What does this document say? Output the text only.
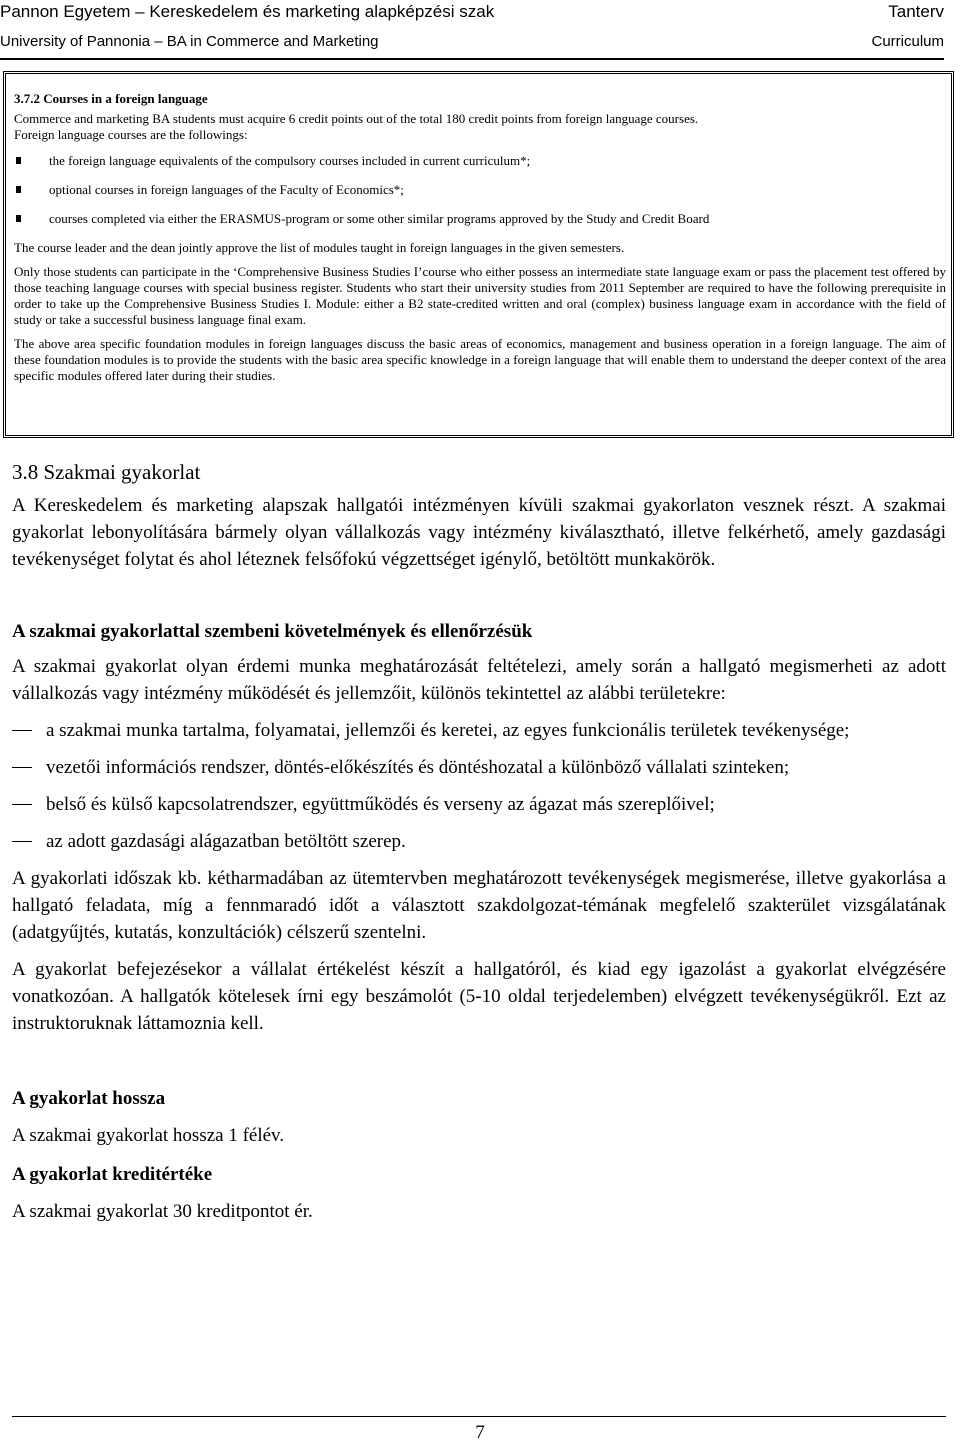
Pannon Egyetem – Kereskedelem és marketing alapképzési szak	Tanterv
University of Pannonia – BA in Commerce and Marketing	Curriculum

3.7.2 Courses in a foreign language

Commerce and marketing BA students must acquire 6 credit points out of the total 180 credit points from foreign language courses.

Foreign language courses are the followings:

the foreign language equivalents of the compulsory courses included in current curriculum*;
optional courses in foreign languages of the Faculty of Economics*;
courses completed via either the ERASMUS-program or some other similar programs approved by the Study and Credit Board

The course leader and the dean jointly approve the list of modules taught in foreign languages in the given semesters.

Only those students can participate in the ‘Comprehensive Business Studies I’course who either possess an intermediate state language exam or pass the placement test offered by those teaching language courses with special business register. Students who start their university studies from 2011 September are required to have the following prerequisite in order to take up the Comprehensive Business Studies I. Module: either a B2 state-credited written and oral (complex) business language exam in accordance with the field of study or take a successful business language final exam.

The above area specific foundation modules in foreign languages discuss the basic areas of economics, management and business operation in a foreign language. The aim of these foundation modules is to provide the students with the basic area specific knowledge in a foreign language that will enable them to understand the deeper context of the area specific modules offered later during their studies.

3.8 Szakmai gyakorlat

A Kereskedelem és marketing alapszak hallgatói intézményen kívüli szakmai gyakorlaton vesznek részt. A szakmai gyakorlat lebonyolítására bármely olyan vállalkozás vagy intézmény kiválasztható, illetve felkérhető, amely gazdasági tevékenységet folytat és ahol léteznek felsőfokú végzettséget igénylő, betöltött munkakörök.

A szakmai gyakorlattal szembeni követelmények és ellenőrzésük

A szakmai gyakorlat olyan érdemi munka meghatározását feltételezi, amely során a hallgató megismerheti az adott vállalkozás vagy intézmény működését és jellemzőit, különös tekintettel az alábbi területekre:

a szakmai munka tartalma, folyamatai, jellemzői és keretei, az egyes funkcionális területek tevékenysége;
vezetői információs rendszer, döntés-előkészítés és döntéshozatal a különböző vállalati szinteken;
belső és külső kapcsolatrendszer, együttműködés és verseny az ágazat más szereplőivel;
az adott gazdasági alágazatban betöltött szerep.

A gyakorlati időszak kb. kétharmadában az ütemtervben meghatározott tevékenységek megismerése, illetve gyakorlása a hallgató feladata, míg a fennmaradó időt a választott szakdolgozat-témának megfelelő szakterület vizsgálatának (adatgyűjtés, kutatás, konzultációk) célszerű szentelni.

A gyakorlat befejezésekor a vállalat értékelést készít a hallgatóról, és kiad egy igazolást a gyakorlat elvégzésére vonatkozóan. A hallgatók kötelesek írni egy beszámolót (5-10 oldal terjedelemben) elvégzett tevékenységükről. Ezt az instruktoruknak láttamoznia kell.

A gyakorlat hossza

A szakmai gyakorlat hossza 1 félév.

A gyakorlat kreditértéke

A szakmai gyakorlat 30 kreditpontot ér.

7
